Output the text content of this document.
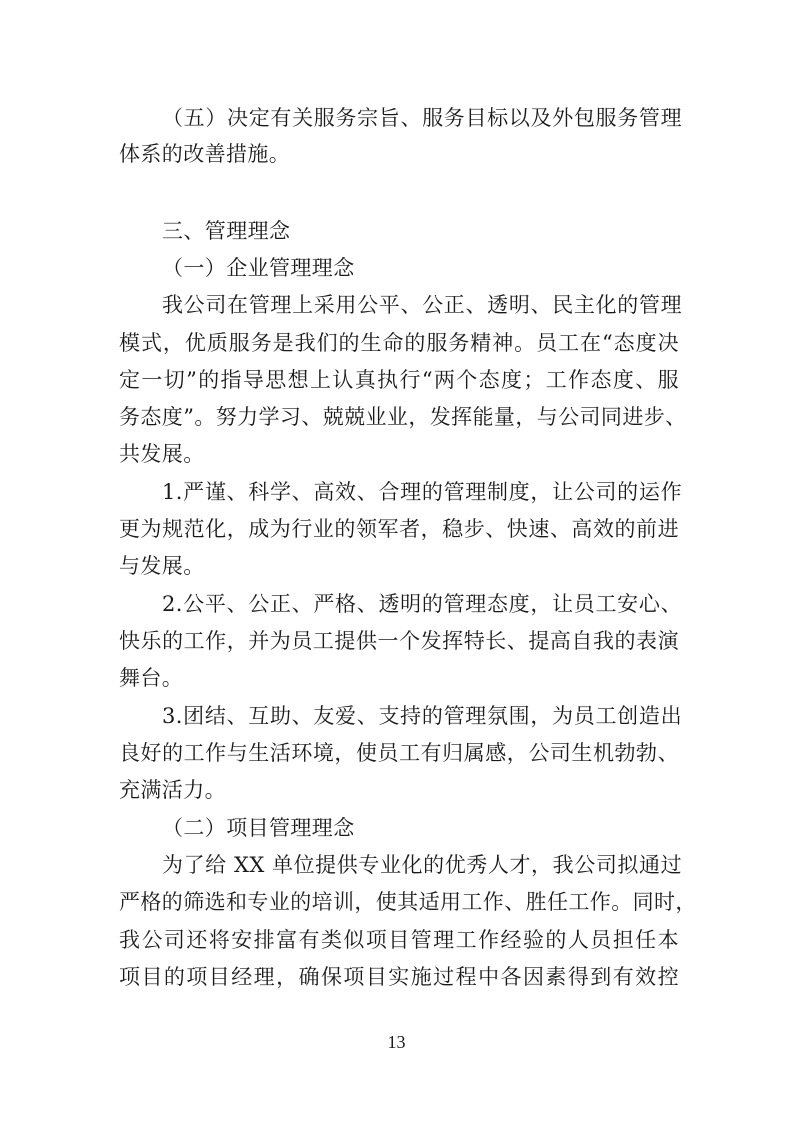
（五）决定有关服务宗旨、服务目标以及外包服务管理
体系的改善措施。
三、管理理念
（一）企业管理理念
我公司在管理上采用公平、公正、透明、民主化的管理
模式，优质服务是我们的生命的服务精神。员工在“态度决
定一切”的指导思想上认真执行“两个态度；工作态度、服
务态度”。努力学习、兢兢业业，发挥能量，与公司同进步、
共发展。
1.严谨、科学、高效、合理的管理制度，让公司的运作
更为规范化，成为行业的领军者，稳步、快速、高效的前进
与发展。
2.公平、公正、严格、透明的管理态度，让员工安心、
快乐的工作，并为员工提供一个发挥特长、提高自我的表演
舞台。
3.团结、互助、友爱、支持的管理氛围，为员工创造出
良好的工作与生活环境，使员工有归属感，公司生机勃勃、
充满活力。
（二）项目管理理念
为了给 XX 单位提供专业化的优秀人才，我公司拟通过
严格的筛选和专业的培训，使其适用工作、胜任工作。同时，
我公司还将安排富有类似项目管理工作经验的人员担任本
项目的项目经理，确保项目实施过程中各因素得到有效控
13
